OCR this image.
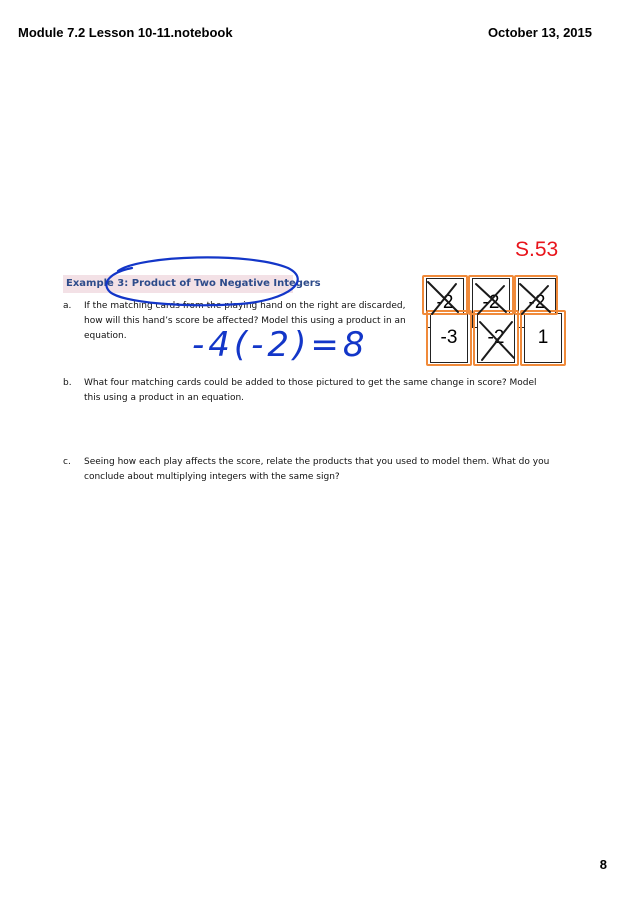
Module 7.2 Lesson 10-11.notebook	October 13, 2015
S.53
Example 3: Product of Two Negative Integers
a. If the matching cards from the playing hand on the right are discarded, how will this hand’s score be affected? Model this using a product in an equation.
b. What four matching cards could be added to those pictured to get the same change in score? Model this using a product in an equation.
c. Seeing how each play affects the score, relate the products that you used to model them. What do you conclude about multiplying integers with the same sign?
-2 -2 -2
-3 -2 1
-4(-2)=8
8
